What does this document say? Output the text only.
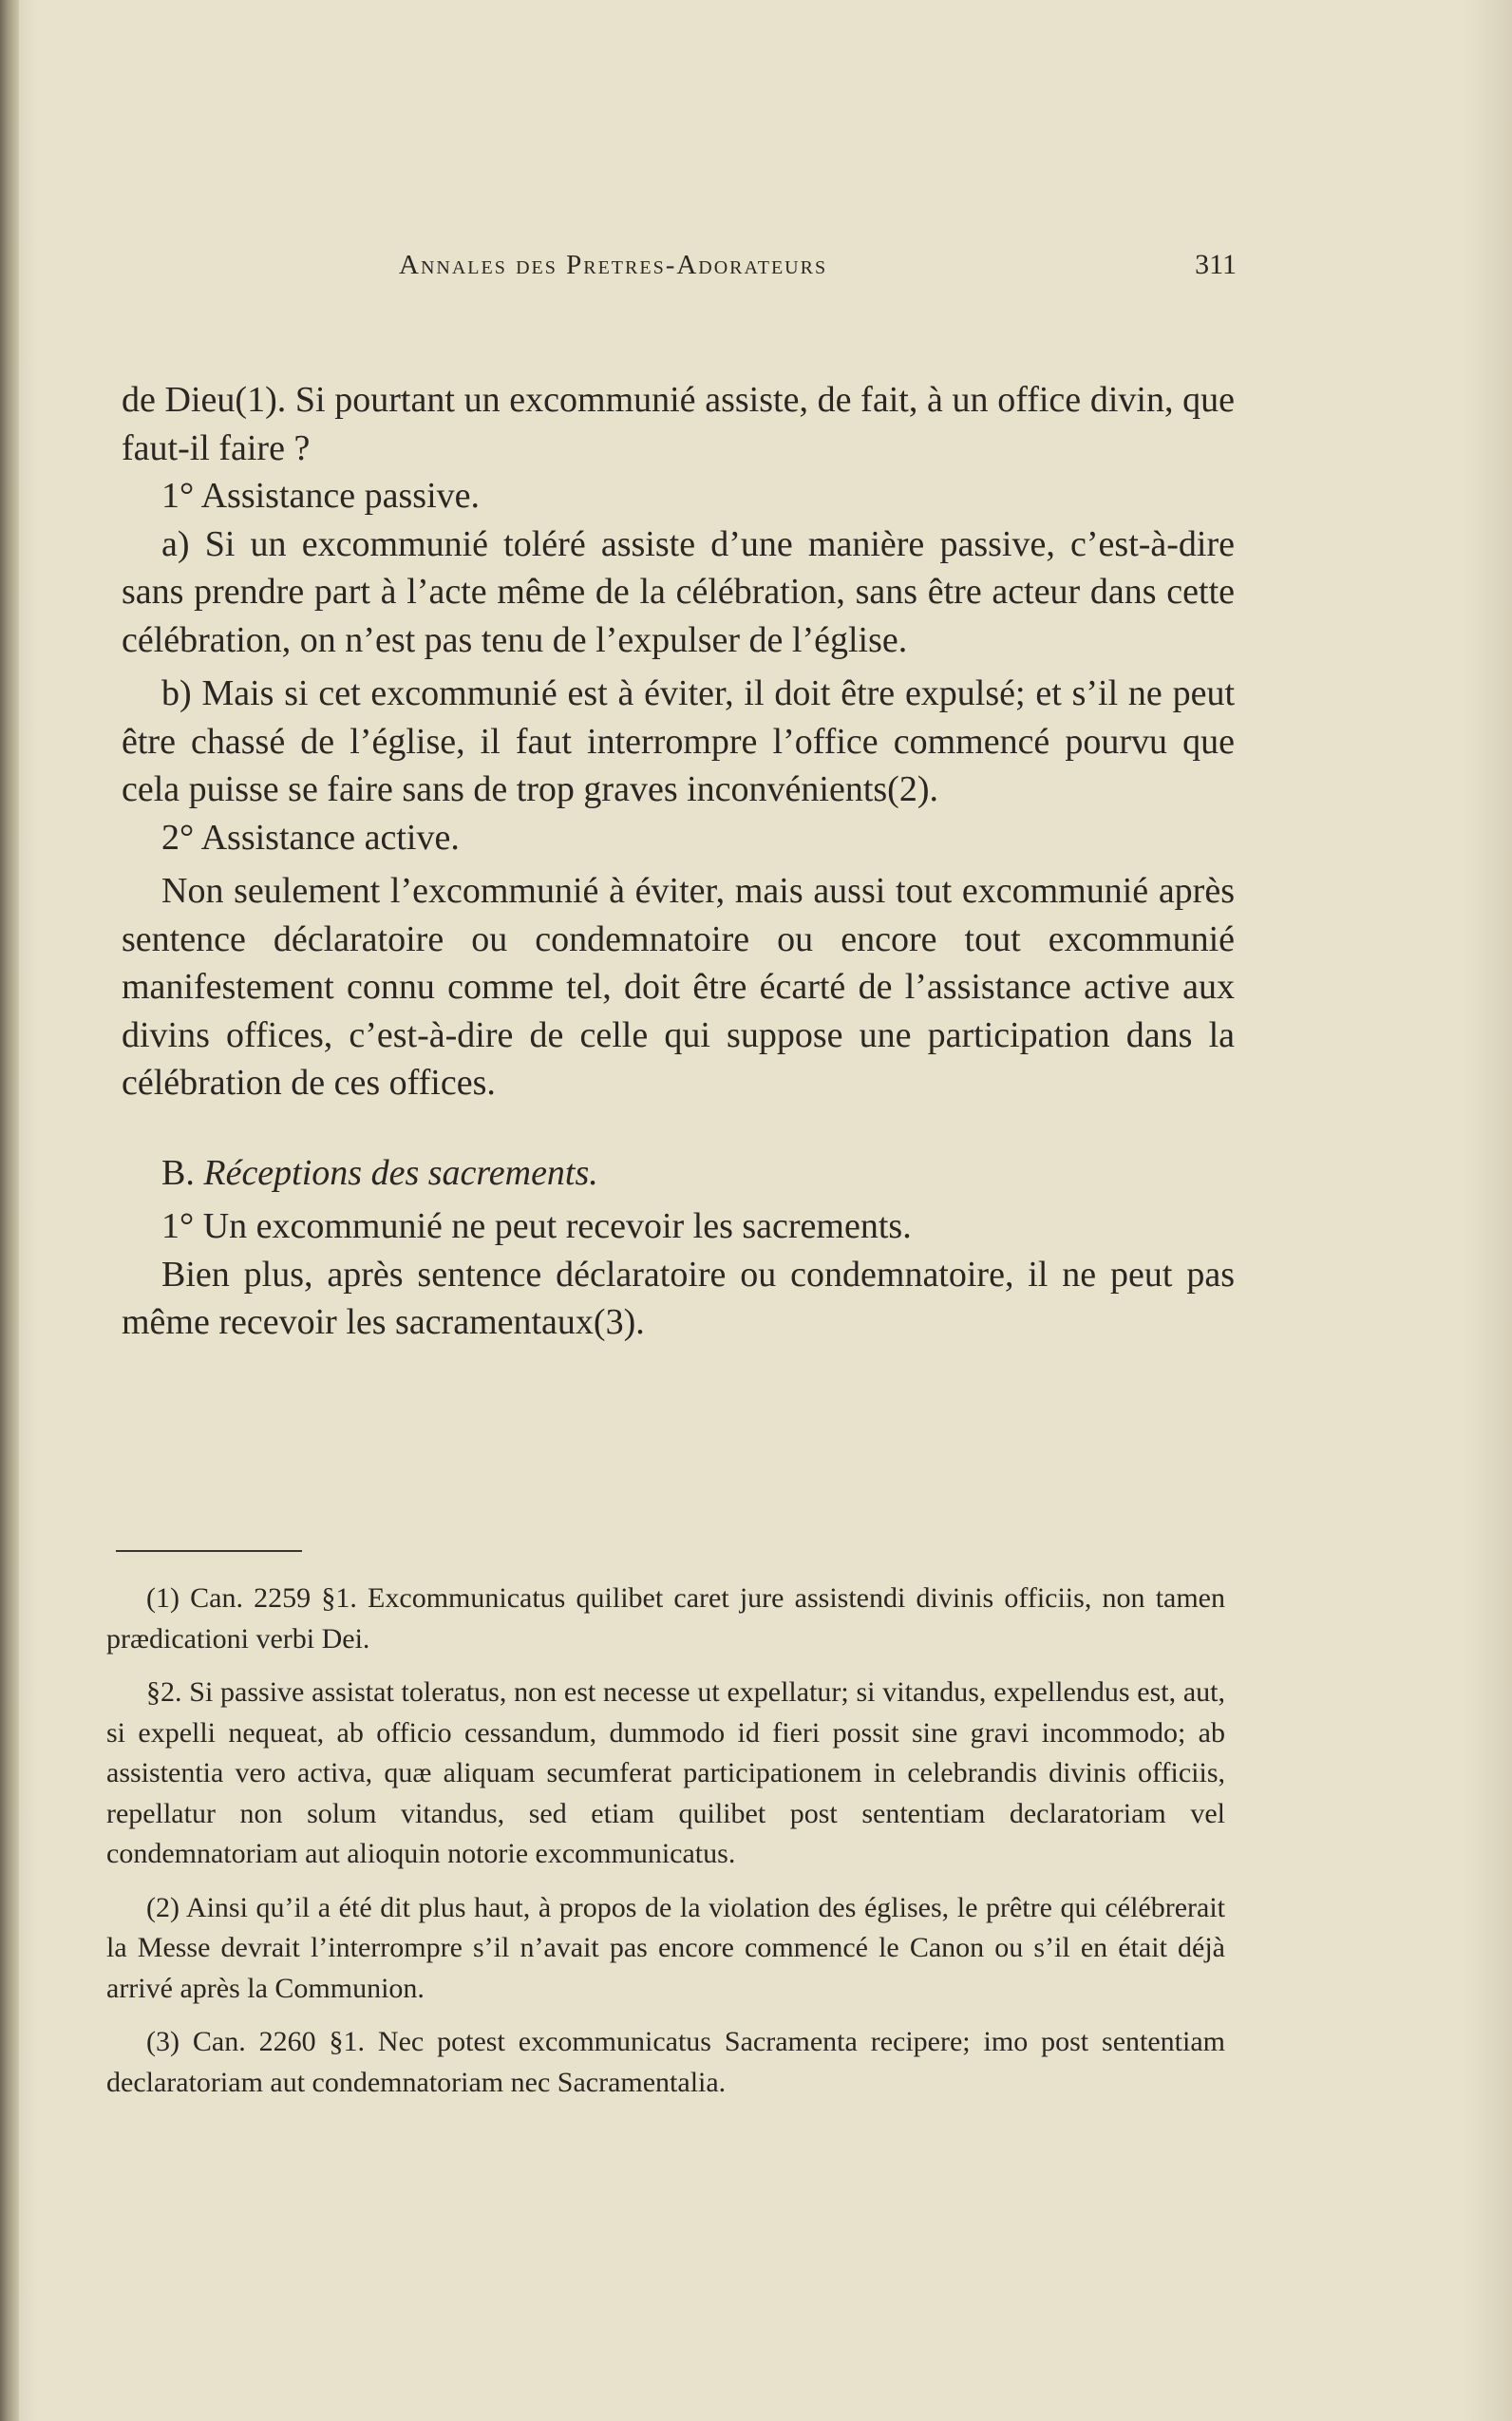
Annales des Pretres-Adorateurs	311

de Dieu(1). Si pourtant un excommunié assiste, de fait, à un office divin, que faut-il faire ?

1° Assistance passive.

a) Si un excommunié toléré assiste d’une manière passive, c’est-à-dire sans prendre part à l’acte même de la célébration, sans être acteur dans cette célébration, on n’est pas tenu de l’expulser de l’église.

b) Mais si cet excommunié est à éviter, il doit être expulsé; et s’il ne peut être chassé de l’église, il faut interrompre l’office commencé pourvu que cela puisse se faire sans de trop graves inconvénients(2).

2° Assistance active.

Non seulement l’excommunié à éviter, mais aussi tout excommunié après sentence déclaratoire ou condemnatoire ou encore tout excommunié manifestement connu comme tel, doit être écarté de l’assistance active aux divins offices, c’est-à-dire de celle qui suppose une participation dans la célébration de ces offices.

B. Réceptions des sacrements.

1° Un excommunié ne peut recevoir les sacrements.

Bien plus, après sentence déclaratoire ou condemnatoire, il ne peut pas même recevoir les sacramentaux(3).

(1) Can. 2259 §1. Excommunicatus quilibet caret jure assistendi divinis officiis, non tamen prædicationi verbi Dei.

§2. Si passive assistat toleratus, non est necesse ut expellatur; si vitandus, expellendus est, aut, si expelli nequeat, ab officio cessandum, dummodo id fieri possit sine gravi incommodo; ab assistentia vero activa, quæ aliquam secumferat participationem in celebrandis divinis officiis, repellatur non solum vitandus, sed etiam quilibet post sententiam declaratoriam vel condemnatoriam aut alioquin notorie excommunicatus.

(2) Ainsi qu’il a été dit plus haut, à propos de la violation des églises, le prêtre qui célébrerait la Messe devrait l’interrompre s’il n’avait pas encore commencé le Canon ou s’il en était déjà arrivé après la Communion.

(3) Can. 2260 §1. Nec potest excommunicatus Sacramenta recipere; imo post sententiam declaratoriam aut condemnatoriam nec Sacramentalia.
